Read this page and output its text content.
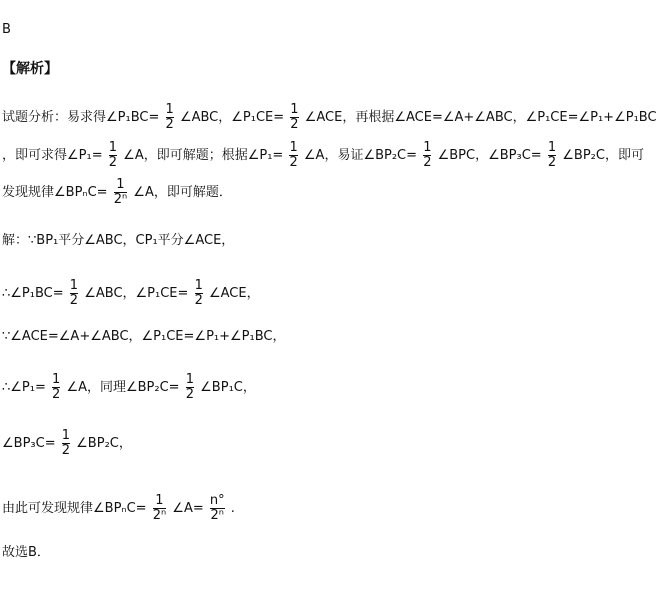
B
【解析】
试题分析：易求得∠P₁BC= $\frac{1}{2}$ ∠ABC，∠P₁CE= $\frac{1}{2}$ ∠ACE，再根据∠ACE=∠A+∠ABC，∠P₁CE=∠P₁+∠P₁BC
，即可求得∠P₁= $\frac{1}{2}$ ∠A，即可解题；根据∠P₁= $\frac{1}{2}$ ∠A，易证∠BP₂C= $\frac{1}{2}$ ∠BPC，∠BP₃C= $\frac{1}{2}$ ∠BP₂C，即可
发现规律∠BPₙC= $\frac{1}{\text{2ⁿ}}$ ∠A，即可解题．
解：∵BP₁平分∠ABC，CP₁平分∠ACE，
∴∠P₁BC= $\frac{1}{2}$ ∠ABC，∠P₁CE= $\frac{1}{2}$ ∠ACE，
∵∠ACE=∠A+∠ABC，∠P₁CE=∠P₁+∠P₁BC，
∴∠P₁= $\frac{1}{2}$ ∠A，同理∠BP₂C= $\frac{1}{2}$ ∠BP₁C，
∠BP₃C= $\frac{1}{2}$ ∠BP₂C，
由此可发现规律∠BPₙC= $\frac{1}{\text{2ⁿ}}$ ∠A= $\frac{n^\circ}{\text{2ⁿ}}$ .
故选B．
